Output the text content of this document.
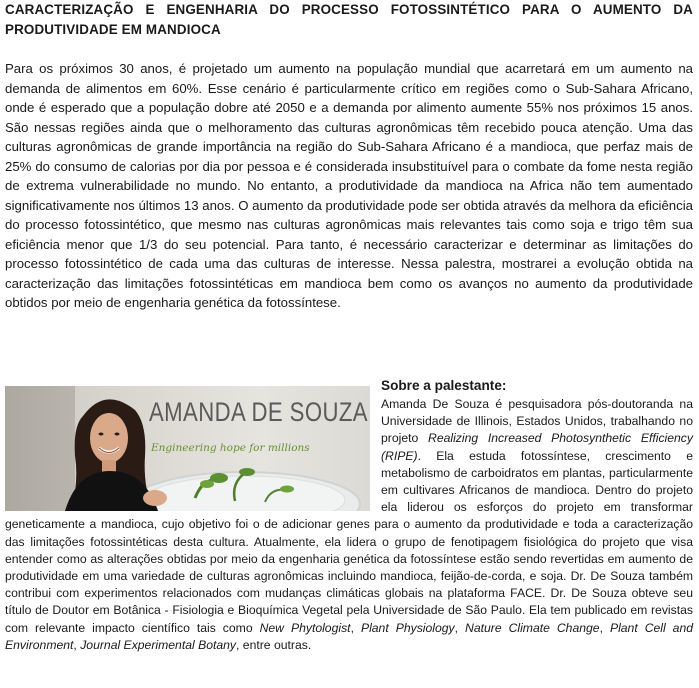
CARACTERIZAÇÃO E ENGENHARIA DO PROCESSO FOTOSSINTÉTICO PARA O AUMENTO DA PRODUTIVIDADE EM MANDIOCA

Para os próximos 30 anos, é projetado um aumento na população mundial que acarretará em um aumento na demanda de alimentos em 60%. Esse cenário é particularmente crítico em regiões como o Sub-Sahara Africano, onde é esperado que a população dobre até 2050 e a demanda por alimento aumente 55% nos próximos 15 anos. São nessas regiões ainda que o melhoramento das culturas agronômicas têm recebido pouca atenção. Uma das culturas agronômicas de grande importância na região do Sub-Sahara Africano é a mandioca, que perfaz mais de 25% do consumo de calorias por dia por pessoa e é considerada insubstituível para o combate da fome nesta região de extrema vulnerabilidade no mundo. No entanto, a produtividade da mandioca na Africa não tem aumentado significativamente nos últimos 13 anos. O aumento da produtividade pode ser obtida através da melhora da eficiência do processo fotossintético, que mesmo nas culturas agronômicas mais relevantes tais como soja e trigo têm sua eficiência menor que 1/3 do seu potencial. Para tanto, é necessário caracterizar e determinar as limitações do processo fotossintético de cada uma das culturas de interesse. Nessa palestra, mostrarei a evolução obtida na caracterização das limitações fotossintéticas em mandioca bem como os avanços no aumento da produtividade obtidos por meio de engenharia genética da fotossíntese.

AMANDA DE SOUZA
Engineering hope for millions
Sobre a palestante:

Amanda De Souza é pesquisadora pós-doutoranda na Universidade de Illinois, Estados Unidos, trabalhando no projeto Realizing Increased Photosynthetic Efficiency (RIPE). Ela estuda fotossíntese, crescimento e metabolismo de carboidratos em plantas, particularmente em cultivares Africanos de mandioca. Dentro do projeto ela liderou os esforços do projeto em transformar geneticamente a mandioca, cujo objetivo foi o de adicionar genes para o aumento da produtividade e toda a caracterização das limitações fotossintéticas desta cultura. Atualmente, ela lidera o grupo de fenotipagem fisiológica do projeto que visa entender como as alterações obtidas por meio da engenharia genética da fotossíntese estão sendo revertidas em aumento de produtividade em uma variedade de culturas agronômicas incluindo mandioca, feijão-de-corda, e soja. Dr. De Souza também contribui com experimentos relacionados com mudanças climáticas globais na plataforma FACE. Dr. De Souza obteve seu título de Doutor em Botânica - Fisiologia e Bioquímica Vegetal pela Universidade de São Paulo. Ela tem publicado em revistas com relevante impacto científico tais como New Phytologist, Plant Physiology, Nature Climate Change, Plant Cell and Environment, Journal Experimental Botany, entre outras.
